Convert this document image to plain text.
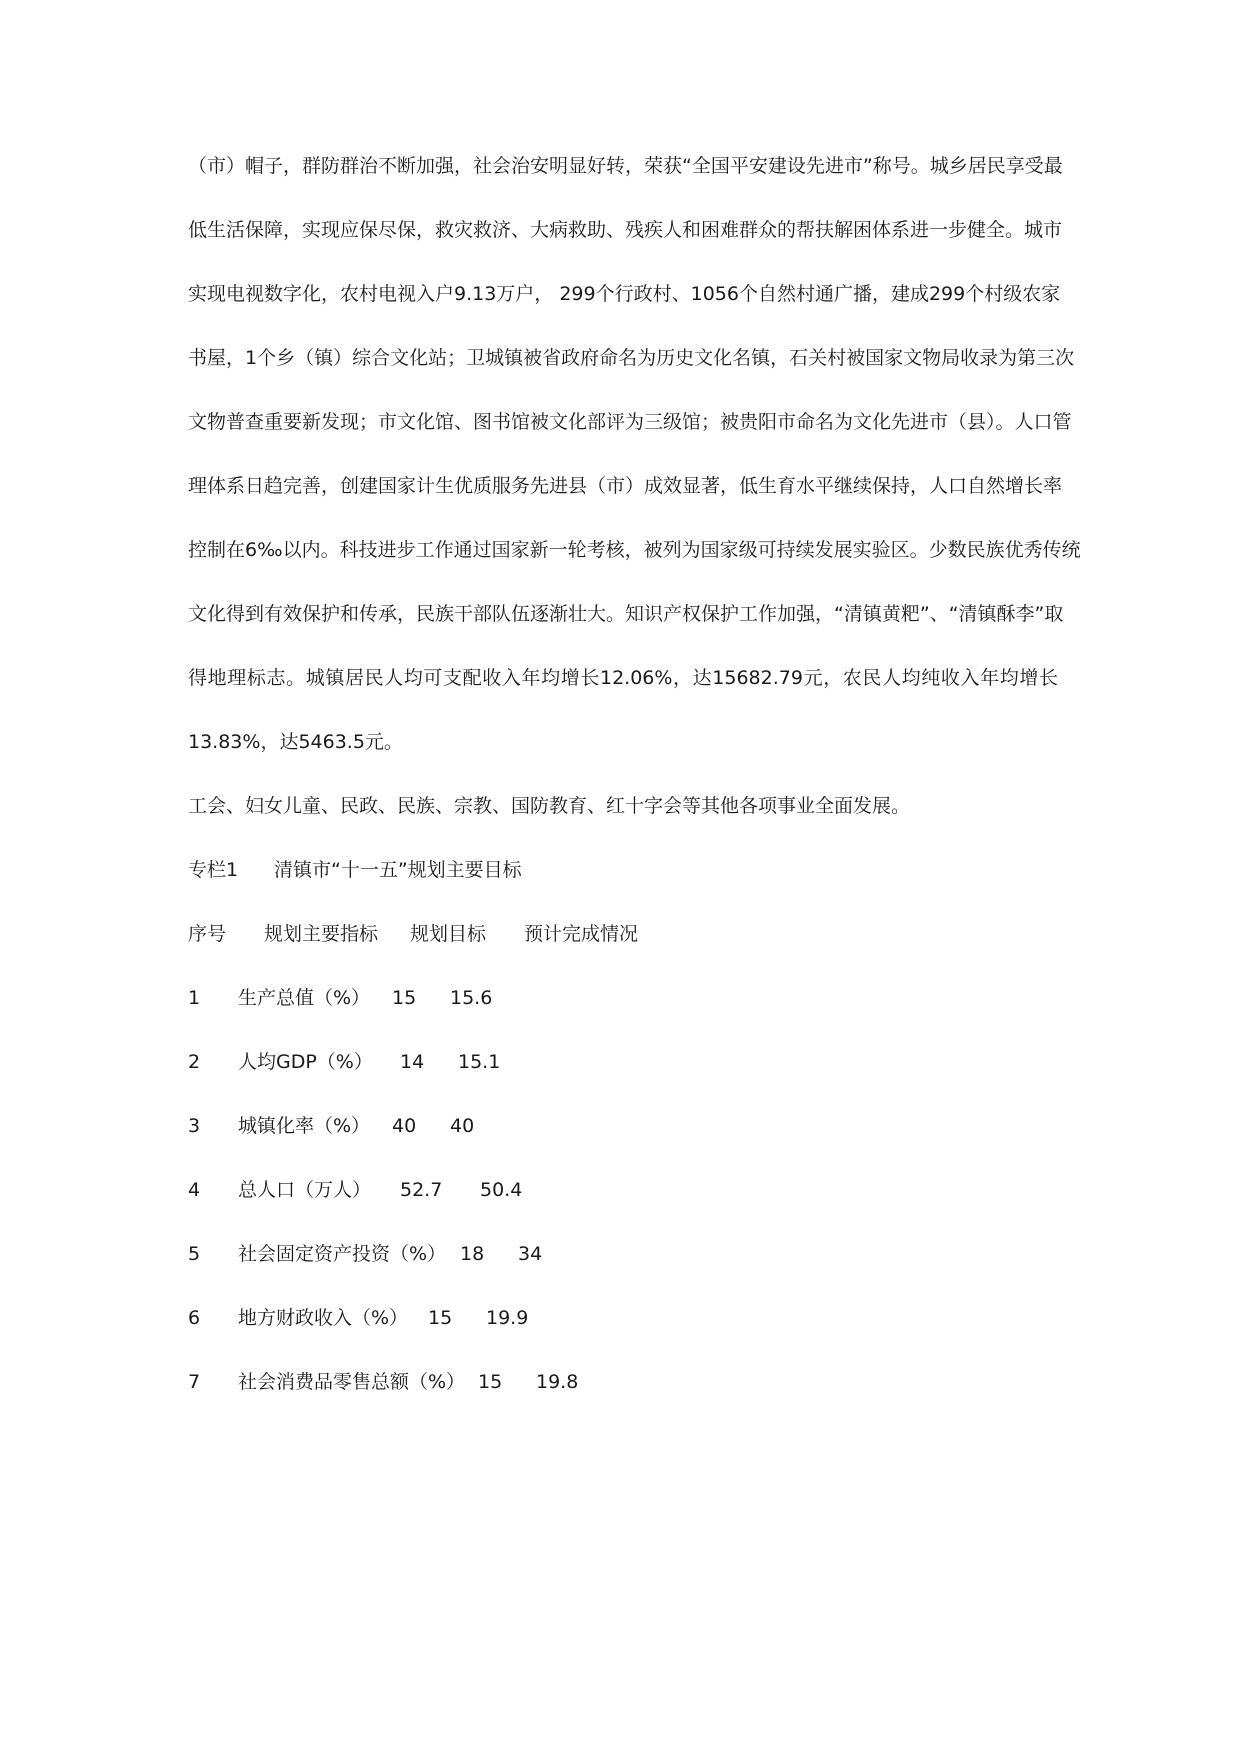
（市）帽子，群防群治不断加强，社会治安明显好转，荣获“全国平安建设先进市”称号。城乡居民享受最
低生活保障，实现应保尽保，救灾救济、大病救助、残疾人和困难群众的帮扶解困体系进一步健全。城市
实现电视数字化，农村电视入户9.13万户， 299个行政村、1056个自然村通广播，建成299个村级农家
书屋，1个乡（镇）综合文化站；卫城镇被省政府命名为历史文化名镇，石关村被国家文物局收录为第三次
文物普查重要新发现；市文化馆、图书馆被文化部评为三级馆；被贵阳市命名为文化先进市（县）。人口管
理体系日趋完善，创建国家计生优质服务先进县（市）成效显著，低生育水平继续保持，人口自然增长率
控制在6‰以内。科技进步工作通过国家新一轮考核，被列为国家级可持续发展实验区。少数民族优秀传统
文化得到有效保护和传承，民族干部队伍逐渐壮大。知识产权保护工作加强，“清镇黄粑”、“清镇酥李”取
得地理标志。城镇居民人均可支配收入年均增长12.06%，达15682.79元，农民人均纯收入年均增长
13.83%，达5463.5元。
工会、妇女儿童、民政、民族、宗教、国防教育、红十字会等其他各项事业全面发展。
专栏1 清镇市“十一五”规划主要目标
序号 规划主要指标 规划目标 预计完成情况
1 生产总值（%） 15 15.6
2 人均GDP（%） 14 15.1
3 城镇化率（%） 40 40
4 总人口（万人） 52.7 50.4
5 社会固定资产投资（%） 18 34
6 地方财政收入（%） 15 19.9
7 社会消费品零售总额（%） 15 19.8
